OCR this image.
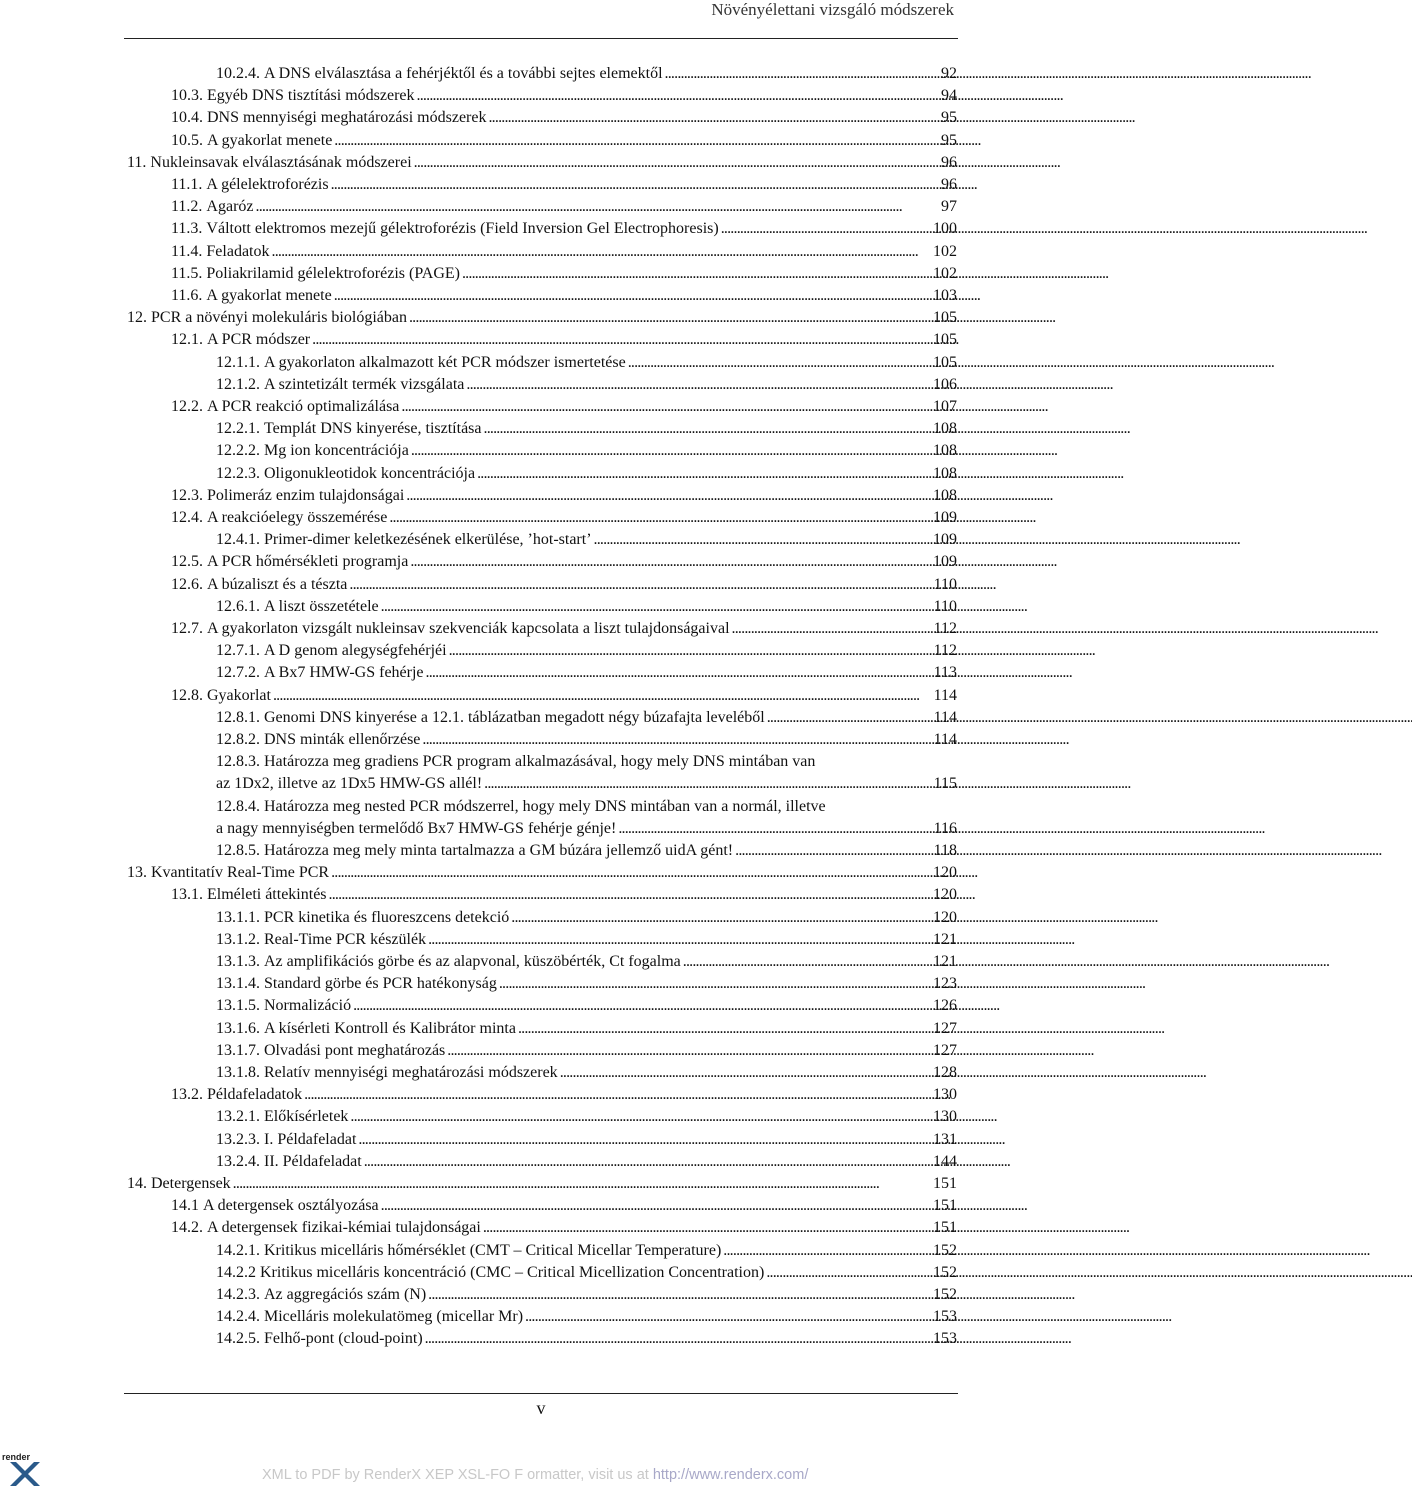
Növényélettani vizsgáló módszerek
10.2.4. A DNS elválasztása a fehérjéktől és a további sejtes elemektől . . .	92
10.3. Egyéb DNS tisztítási módszerek . . .	94
10.4. DNS mennyiségi meghatározási módszerek . . .	95
10.5. A gyakorlat menete . . .	95
11. Nukleinsavak elválasztásának módszerei . . .	96
11.1. A gélelektroforézis . . .	96
11.2. Agaróz . . .	97
11.3. Váltott elektromos mezejű gélektroforézis (Field Inversion Gel Electrophoresis) . . .	100
11.4. Feladatok . . .	102
11.5. Poliakrilamid gélelektroforézis (PAGE) . . .	102
11.6. A gyakorlat menete . . .	103
12. PCR a növényi molekuláris biológiában . . .	105
12.1. A PCR módszer . . .	105
12.1.1. A gyakorlaton alkalmazott két PCR módszer ismertetése . . .	105
12.1.2. A szintetizált termék vizsgálata . . .	106
12.2. A PCR reakció optimalizálása . . .	107
12.2.1. Templát DNS kinyerése, tisztítása . . .	108
12.2.2. Mg ion koncentrációja . . .	108
12.2.3. Oligonukleotidok koncentrációja . . .	108
12.3. Polimeráz enzim tulajdonságai . . .	108
12.4. A reakcióelegy összemérése . . .	109
12.4.1. Primer-dimer keletkezésének elkerülése, ’hot-start’ . . .	109
12.5. A PCR hőmérsékleti programja . . .	109
12.6. A búzaliszt és a tészta . . .	110
12.6.1. A liszt összetétele . . .	110
12.7. A gyakorlaton vizsgált nukleinsav szekvenciák kapcsolata a liszt tulajdonságaival . . .	112
12.7.1. A D genom alegységfehérjéi . . .	112
12.7.2. A Bx7 HMW-GS fehérje . . .	113
12.8. Gyakorlat . . .	114
12.8.1. Genomi DNS kinyerése a 12.1. táblázatban megadott négy búzafajta leveléből . . .	114
12.8.2. DNS minták ellenőrzése . . .	114
12.8.3. Határozza meg gradiens PCR program alkalmazásával, hogy mely DNS mintában van
az 1Dx2, illetve az 1Dx5 HMW-GS allél! . . .	115
12.8.4. Határozza meg nested PCR módszerrel, hogy mely DNS mintában van a normál, illetve
a nagy mennyiségben termelődő Bx7 HMW-GS fehérje génje! . . .	116
12.8.5. Határozza meg mely minta tartalmazza a GM búzára jellemző uidA gént! . . .	118
13. Kvantitatív Real-Time PCR . . .	120
13.1. Elméleti áttekintés . . .	120
13.1.1. PCR kinetika és fluoreszcens detekció . . .	120
13.1.2. Real-Time PCR készülék . . .	121
13.1.3. Az amplifikációs görbe és az alapvonal, küszöbérték, Ct fogalma . . .	121
13.1.4. Standard görbe és PCR hatékonyság . . .	123
13.1.5. Normalizáció . . .	126
13.1.6. A kísérleti Kontroll és Kalibrátor minta . . .	127
13.1.7. Olvadási pont meghatározás . . .	127
13.1.8. Relatív mennyiségi meghatározási módszerek . . .	128
13.2. Példafeladatok . . .	130
13.2.1. Előkísérletek . . .	130
13.2.3. I. Példafeladat . . .	131
13.2.4. II. Példafeladat . . .	144
14. Detergensek . . .	151
14.1 A detergensek osztályozása . . .	151
14.2. A detergensek fizikai-kémiai tulajdonságai . . .	151
14.2.1. Kritikus micelláris hőmérséklet (CMT – Critical Micellar Temperature) . . .	152
14.2.2 Kritikus micelláris koncentráció (CMC – Critical Micellization Concentration) . . .	152
14.2.3. Az aggregációs szám (N) . . .	152
14.2.4. Micelláris molekulatömeg (micellar Mr) . . .	153
14.2.5. Felhő-pont (cloud-point) . . .	153
v
render
XML to PDF by RenderX XEP XSL-FO F ormatter, visit us at http://www.renderx.com/
